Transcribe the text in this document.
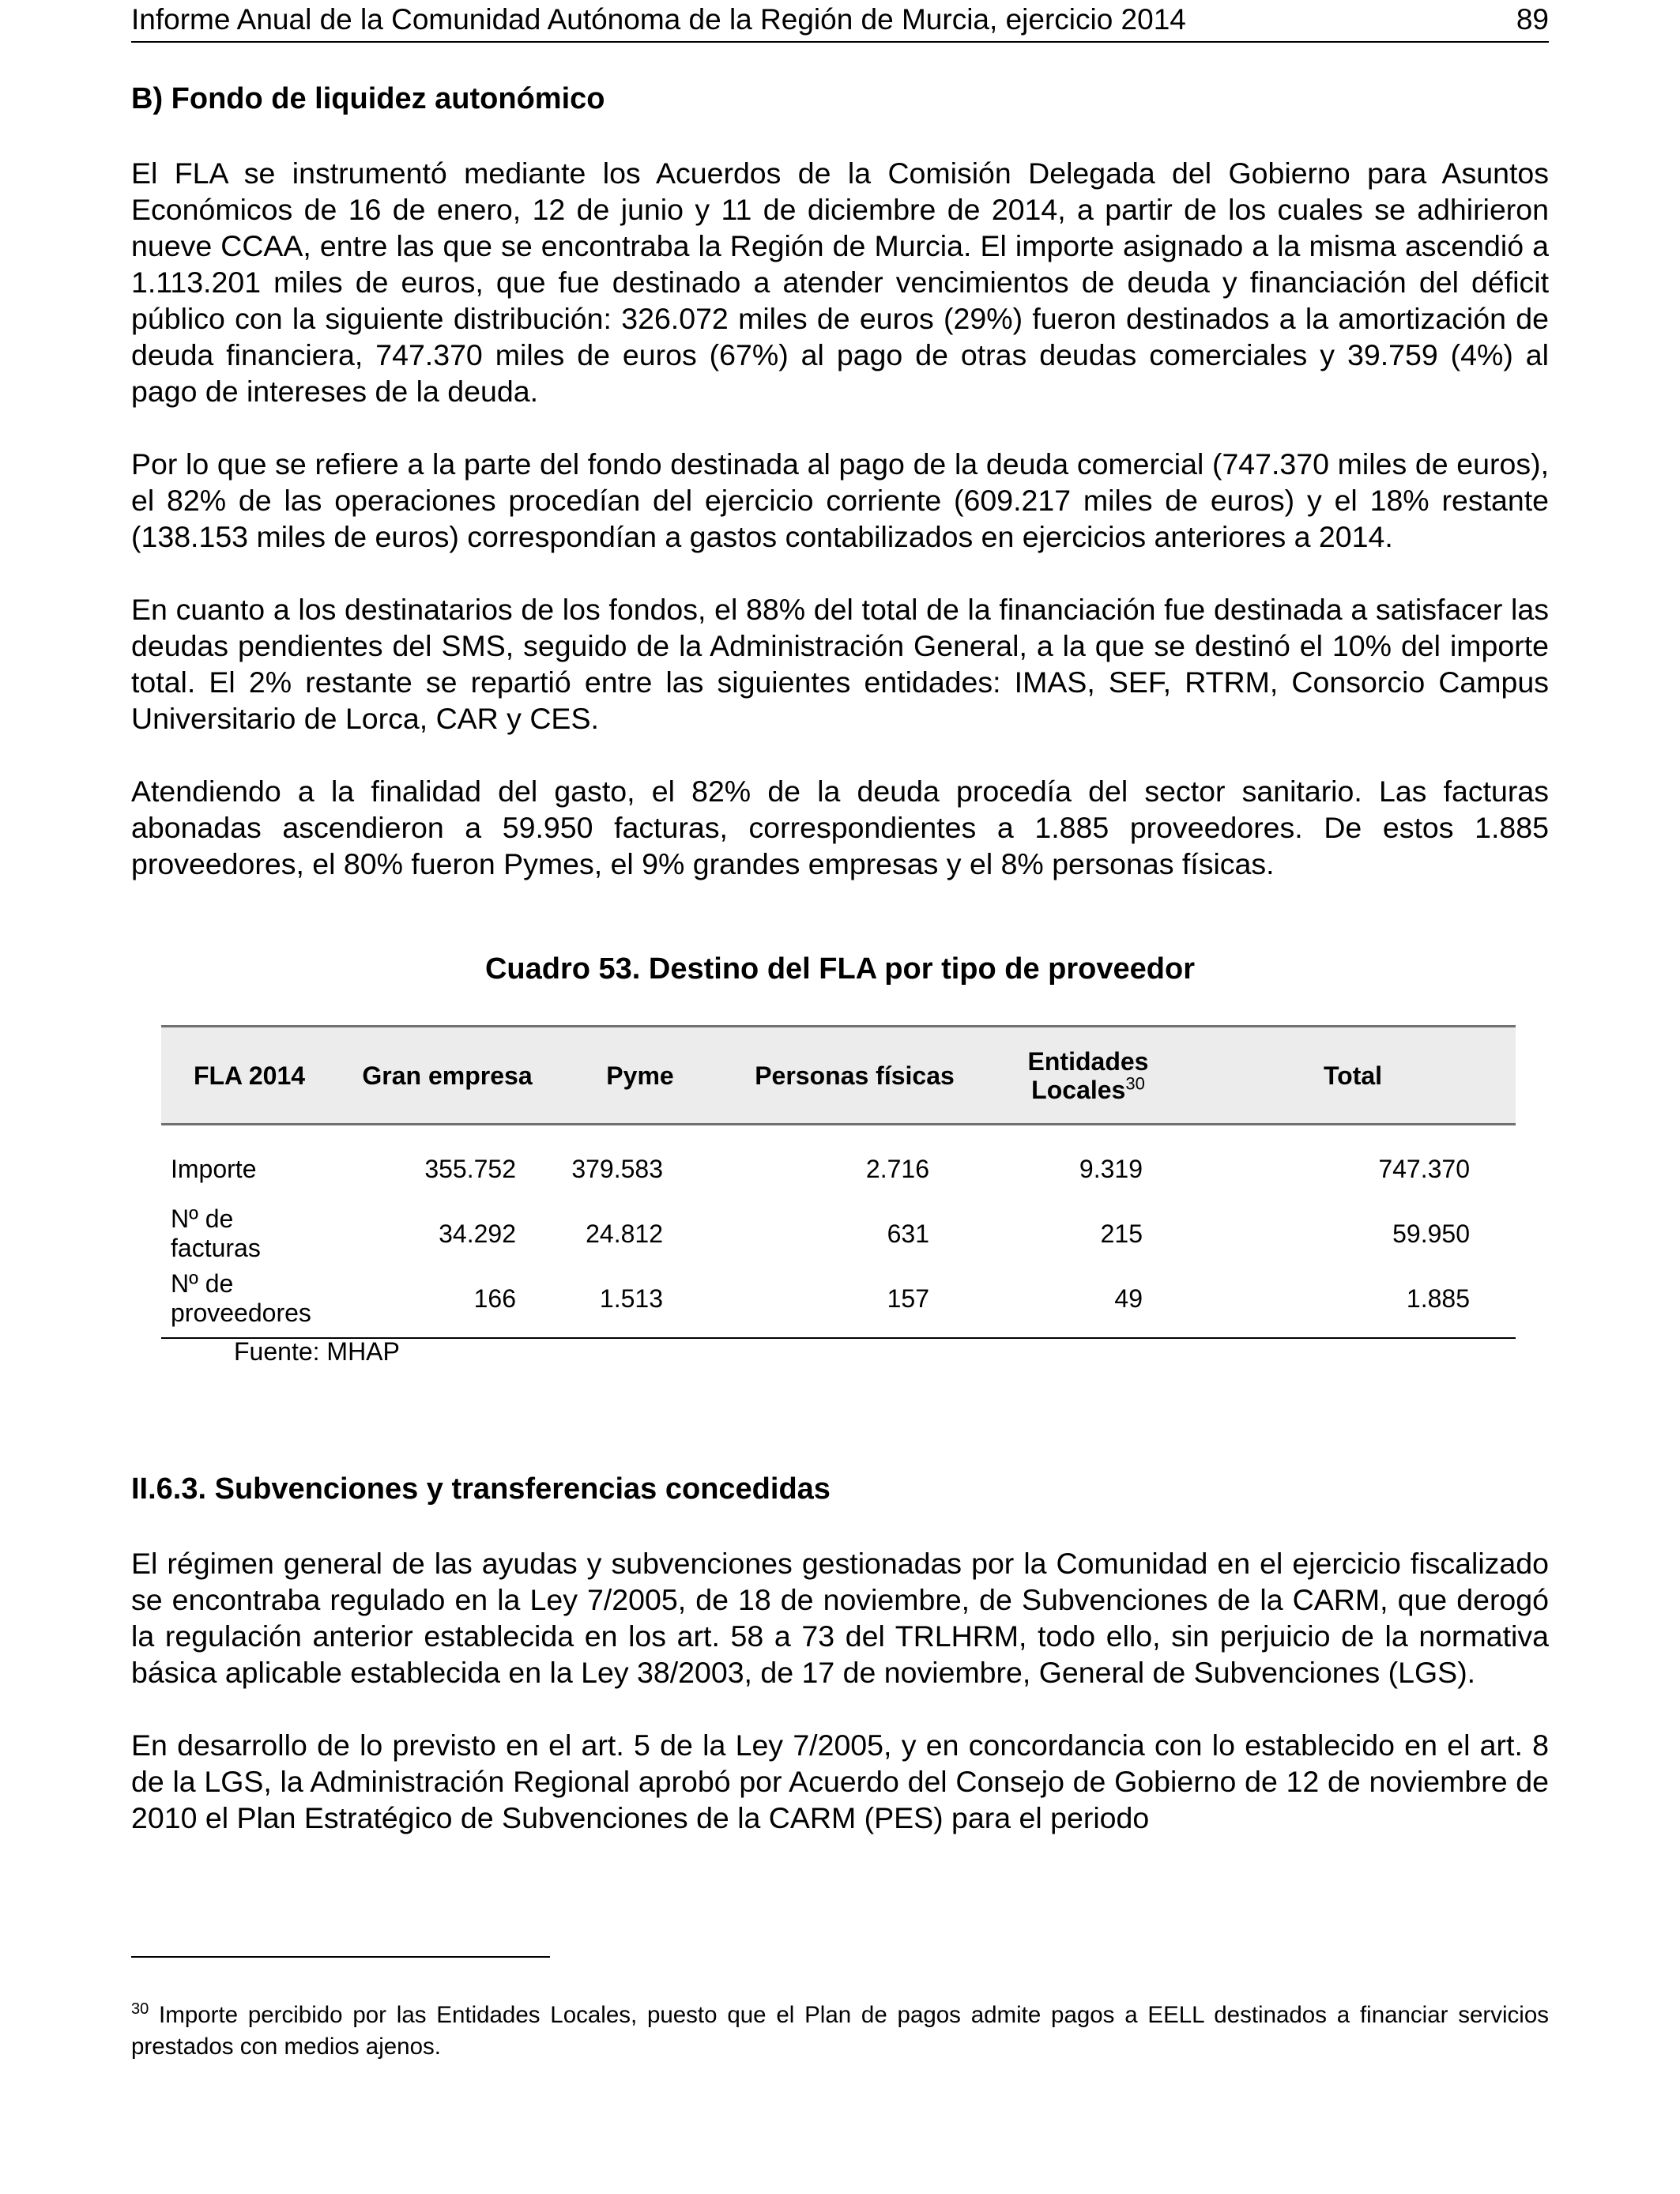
Informe Anual de la Comunidad Autónoma de la Región de Murcia, ejercicio 2014	89
B) Fondo de liquidez autonómico

El FLA se instrumentó mediante los Acuerdos de la Comisión Delegada del Gobierno para Asuntos Económicos de 16 de enero, 12 de junio y 11 de diciembre de 2014, a partir de los cuales se adhirieron nueve CCAA, entre las que se encontraba la Región de Murcia. El importe asignado a la misma ascendió a 1.113.201 miles de euros, que fue destinado a atender vencimientos de deuda y financiación del déficit público con la siguiente distribución: 326.072 miles de euros (29%) fueron destinados a la amortización de deuda financiera, 747.370 miles de euros (67%) al pago de otras deudas comerciales y 39.759 (4%) al pago de intereses de la deuda.

Por lo que se refiere a la parte del fondo destinada al pago de la deuda comercial (747.370 miles de euros), el 82% de las operaciones procedían del ejercicio corriente (609.217 miles de euros) y el 18% restante (138.153 miles de euros) correspondían a gastos contabilizados en ejercicios anteriores a 2014.

En cuanto a los destinatarios de los fondos, el 88% del total de la financiación fue destinada a satisfacer las deudas pendientes del SMS, seguido de la Administración General, a la que se destinó el 10% del importe total. El 2% restante se repartió entre las siguientes entidades: IMAS, SEF, RTRM, Consorcio Campus Universitario de Lorca, CAR y CES.

Atendiendo a la finalidad del gasto, el 82% de la deuda procedía del sector sanitario. Las facturas abonadas ascendieron a 59.950 facturas, correspondientes a 1.885 proveedores. De estos 1.885 proveedores, el 80% fueron Pymes, el 9% grandes empresas y el 8% personas físicas.

Cuadro 53. Destino del FLA por tipo de proveedor
FLA 2014	Gran empresa	Pyme	Personas físicas	Entidades Locales$^{30}$	Total
Importe	355.752	379.583	2.716	9.319	747.370
Nº de facturas	34.292	24.812	631	215	59.950
Nº de proveedores	166	1.513	157	49	1.885
Fuente: MHAP
II.6.3. Subvenciones y transferencias concedidas

El régimen general de las ayudas y subvenciones gestionadas por la Comunidad en el ejercicio fiscalizado se encontraba regulado en la Ley 7/2005, de 18 de noviembre, de Subvenciones de la CARM, que derogó la regulación anterior establecida en los art. 58 a 73 del TRLHRM, todo ello, sin perjuicio de la normativa básica aplicable establecida en la Ley 38/2003, de 17 de noviembre, General de Subvenciones (LGS).

En desarrollo de lo previsto en el art. 5 de la Ley 7/2005, y en concordancia con lo establecido en el art. 8 de la LGS, la Administración Regional aprobó por Acuerdo del Consejo de Gobierno de 12 de noviembre de 2010 el Plan Estratégico de Subvenciones de la CARM (PES) para el periodo

$^{30}$ Importe percibido por las Entidades Locales, puesto que el Plan de pagos admite pagos a EELL destinados a financiar servicios prestados con medios ajenos.
